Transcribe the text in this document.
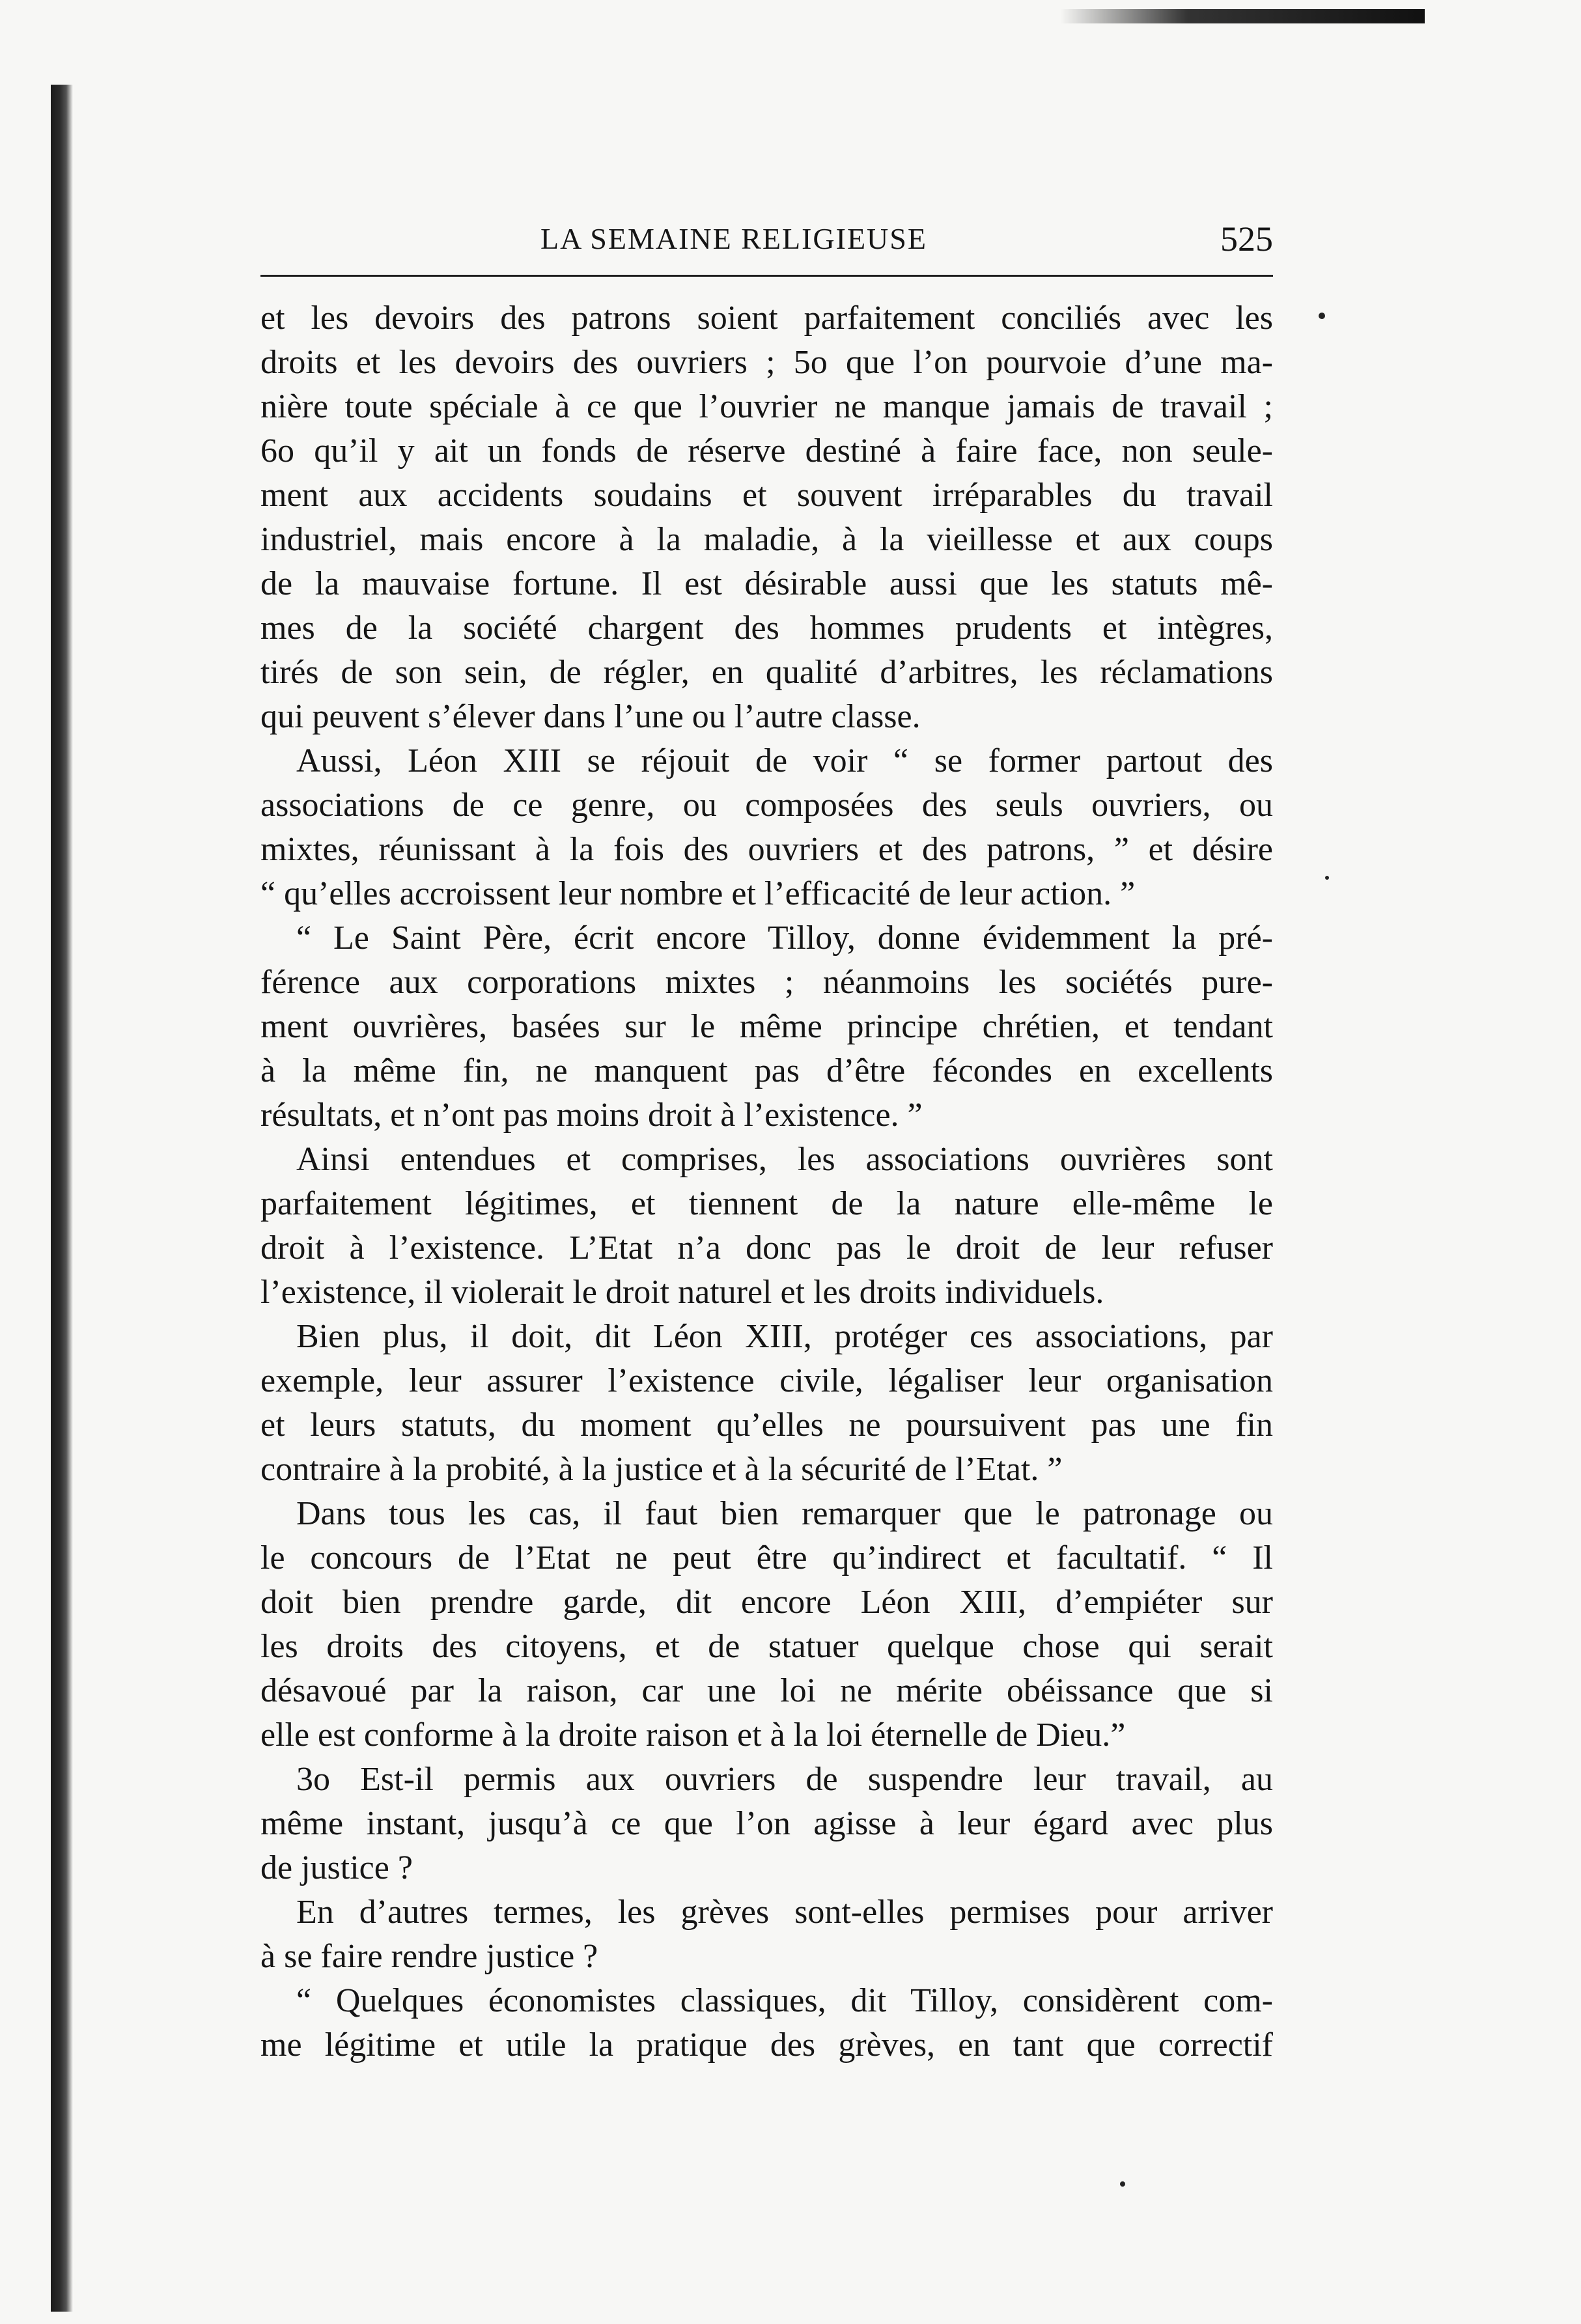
LA SEMAINE RELIGIEUSE	525
et les devoirs des patrons soient parfaitement conciliés avec les
droits et les devoirs des ouvriers ; 5o que l’on pourvoie d’une ma-
nière toute spéciale à ce que l’ouvrier ne manque jamais de travail ;
6o qu’il y ait un fonds de réserve destiné à faire face, non seule-
ment aux accidents soudains et souvent irréparables du travail
industriel, mais encore à la maladie, à la vieillesse et aux coups
de la mauvaise fortune. Il est désirable aussi que les statuts mê-
mes de la société chargent des hommes prudents et intègres,
tirés de son sein, de régler, en qualité d’arbitres, les réclamations
qui peuvent s’élever dans l’une ou l’autre classe.
Aussi, Léon XIII se réjouit de voir “ se former partout des
associations de ce genre, ou composées des seuls ouvriers, ou
mixtes, réunissant à la fois des ouvriers et des patrons, ” et désire
“ qu’elles accroissent leur nombre et l’efficacité de leur action. ”
“ Le Saint Père, écrit encore Tilloy, donne évidemment la pré-
férence aux corporations mixtes ; néanmoins les sociétés pure-
ment ouvrières, basées sur le même principe chrétien, et tendant
à la même fin, ne manquent pas d’être fécondes en excellents
résultats, et n’ont pas moins droit à l’existence. ”
Ainsi entendues et comprises, les associations ouvrières sont
parfaitement légitimes, et tiennent de la nature elle-même le
droit à l’existence. L’Etat n’a donc pas le droit de leur refuser
l’existence, il violerait le droit naturel et les droits individuels.
Bien plus, il doit, dit Léon XIII, protéger ces associations, par
exemple, leur assurer l’existence civile, légaliser leur organisation
et leurs statuts, du moment qu’elles ne poursuivent pas une fin
contraire à la probité, à la justice et à la sécurité de l’Etat. ”
Dans tous les cas, il faut bien remarquer que le patronage ou
le concours de l’Etat ne peut être qu’indirect et facultatif. “ Il
doit bien prendre garde, dit encore Léon XIII, d’empiéter sur
les droits des citoyens, et de statuer quelque chose qui serait
désavoué par la raison, car une loi ne mérite obéissance que si
elle est conforme à la droite raison et à la loi éternelle de Dieu.”
3o Est-il permis aux ouvriers de suspendre leur travail, au
même instant, jusqu’à ce que l’on agisse à leur égard avec plus
de justice ?
En d’autres termes, les grèves sont-elles permises pour arriver
à se faire rendre justice ?
“ Quelques économistes classiques, dit Tilloy, considèrent com-
me légitime et utile la pratique des grèves, en tant que correctif
